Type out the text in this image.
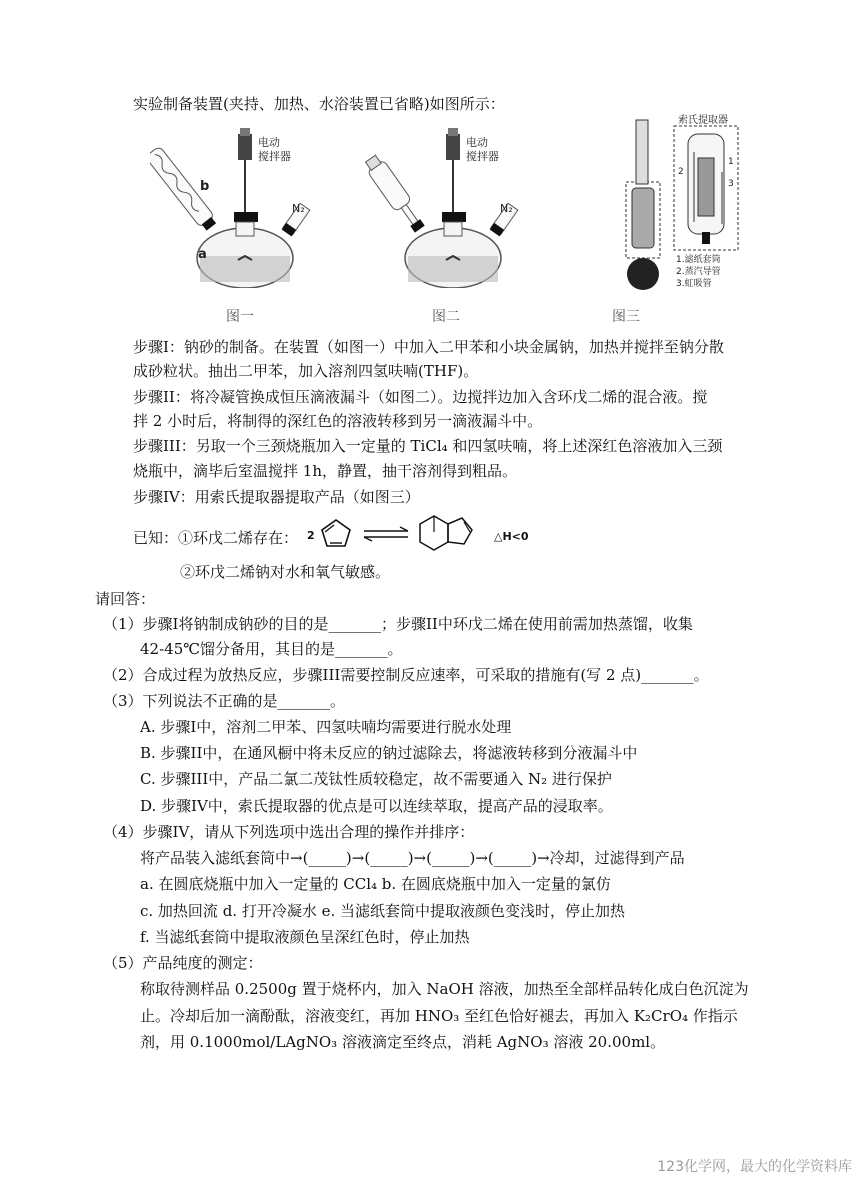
实验制备装置(夹持、加热、水浴装置已省略)如图所示：
电动
搅拌器
b
a
N₂
图一
电动
搅拌器
N₂
图二
索氏提取器
1
2
3
1.滤纸套筒
2.蒸汽导管
3.虹吸管
图三
步骤I：钠砂的制备。在装置（如图一）中加入二甲苯和小块金属钠，加热并搅拌至钠分散
成砂粒状。抽出二甲苯，加入溶剂四氢呋喃(THF)。
步骤II：将冷凝管换成恒压滴液漏斗（如图二）。边搅拌边加入含环戊二烯的混合液。搅
拌 2 小时后，将制得的深红色的溶液转移到另一滴液漏斗中。
步骤III：另取一个三颈烧瓶加入一定量的 TiCl₄ 和四氢呋喃，将上述深红色溶液加入三颈
烧瓶中，滴毕后室温搅拌 1h，静置，抽干溶剂得到粗品。
步骤IV：用索氏提取器提取产品（如图三）
已知：①环戊二烯存在： 2	△H<0
②环戊二烯钠对水和氧气敏感。
请回答：
（1）步骤I将钠制成钠砂的目的是_______；步骤II中环戊二烯在使用前需加热蒸馏，收集
42-45℃馏分备用，其目的是_______。
（2）合成过程为放热反应，步骤III需要控制反应速率，可采取的措施有(写 2 点)_______。
（3）下列说法不正确的是_______。
A. 步骤I中，溶剂二甲苯、四氢呋喃均需要进行脱水处理
B. 步骤II中，在通风橱中将未反应的钠过滤除去，将滤液转移到分液漏斗中
C. 步骤III中，产品二氯二茂钛性质较稳定，故不需要通入 N₂ 进行保护
D. 步骤IV中，索氏提取器的优点是可以连续萃取，提高产品的浸取率。
（4）步骤IV，请从下列选项中选出合理的操作并排序：
将产品装入滤纸套筒中→(_____)→(_____)→(_____)→(_____)→冷却，过滤得到产品
a. 在圆底烧瓶中加入一定量的 CCl₄ b. 在圆底烧瓶中加入一定量的氯仿
c. 加热回流 d. 打开冷凝水 e. 当滤纸套筒中提取液颜色变浅时，停止加热
f. 当滤纸套筒中提取液颜色呈深红色时，停止加热
（5）产品纯度的测定：
称取待测样品 0.2500g 置于烧杯内，加入 NaOH 溶液，加热至全部样品转化成白色沉淀为
止。冷却后加一滴酚酞，溶液变红，再加 HNO₃ 至红色恰好褪去，再加入 K₂CrO₄ 作指示
剂，用 0.1000mol/LAgNO₃ 溶液滴定至终点，消耗 AgNO₃ 溶液 20.00ml。
123化学网，最大的化学资料库
